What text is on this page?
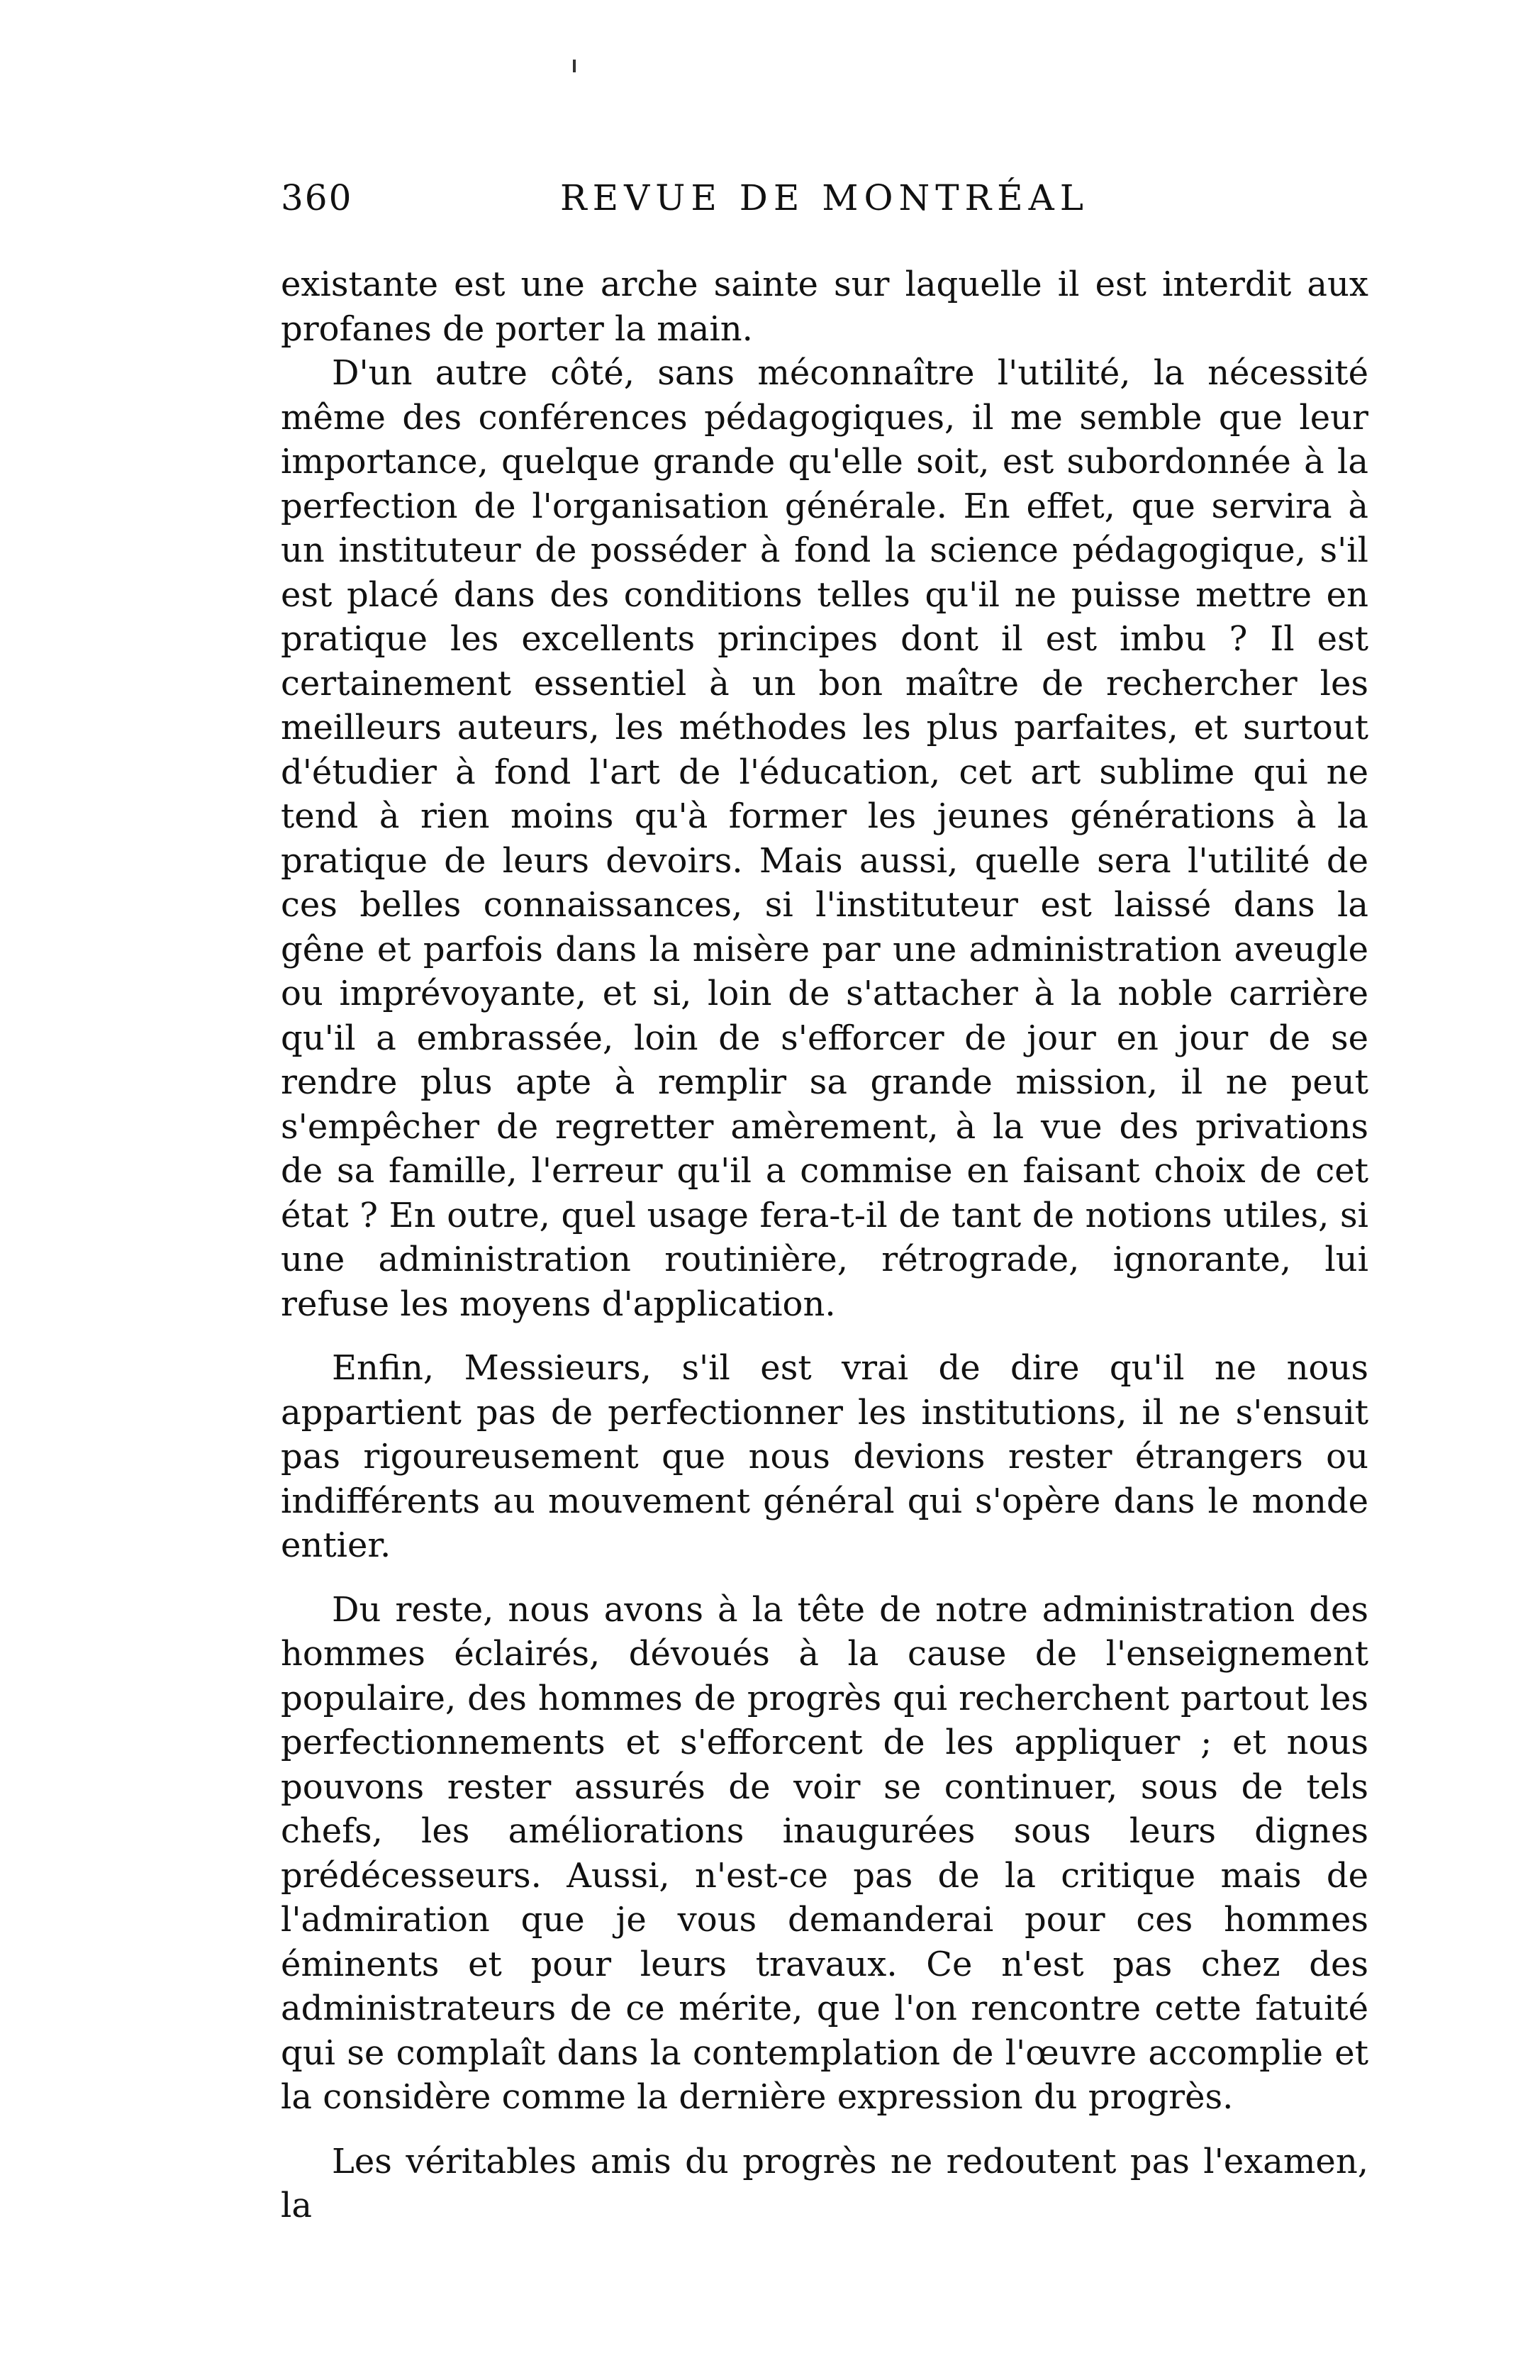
360	REVUE DE MONTRÉAL

existante est une arche sainte sur laquelle il est interdit aux profanes de porter la main.

D'un autre côté, sans méconnaître l'utilité, la nécessité même des conférences pédagogiques, il me semble que leur importance, quelque grande qu'elle soit, est subordonnée à la perfection de l'organisation générale. En effet, que servira à un instituteur de posséder à fond la science pédagogique, s'il est placé dans des conditions telles qu'il ne puisse mettre en pratique les excellents principes dont il est imbu ? Il est certainement essentiel à un bon maître de rechercher les meilleurs auteurs, les méthodes les plus parfaites, et surtout d'étudier à fond l'art de l'éducation, cet art sublime qui ne tend à rien moins qu'à former les jeunes générations à la pratique de leurs devoirs. Mais aussi, quelle sera l'utilité de ces belles connaissances, si l'instituteur est laissé dans la gêne et parfois dans la misère par une administration aveugle ou imprévoyante, et si, loin de s'attacher à la noble carrière qu'il a embrassée, loin de s'efforcer de jour en jour de se rendre plus apte à remplir sa grande mission, il ne peut s'empêcher de regretter amèrement, à la vue des privations de sa famille, l'erreur qu'il a commise en faisant choix de cet état ? En outre, quel usage fera-t-il de tant de notions utiles, si une administration routinière, rétrograde, ignorante, lui refuse les moyens d'application.

Enfin, Messieurs, s'il est vrai de dire qu'il ne nous appartient pas de perfectionner les institutions, il ne s'ensuit pas rigoureusement que nous devions rester étrangers ou indifférents au mouvement général qui s'opère dans le monde entier.

Du reste, nous avons à la tête de notre administration des hommes éclairés, dévoués à la cause de l'enseignement populaire, des hommes de progrès qui recherchent partout les perfectionnements et s'efforcent de les appliquer ; et nous pouvons rester assurés de voir se continuer, sous de tels chefs, les améliorations inaugurées sous leurs dignes prédécesseurs. Aussi, n'est-ce pas de la critique mais de l'admiration que je vous demanderai pour ces hommes éminents et pour leurs travaux. Ce n'est pas chez des administrateurs de ce mérite, que l'on rencontre cette fatuité qui se complaît dans la contemplation de l'œuvre accomplie et la considère comme la dernière expression du progrès.

Les véritables amis du progrès ne redoutent pas l'examen, la
